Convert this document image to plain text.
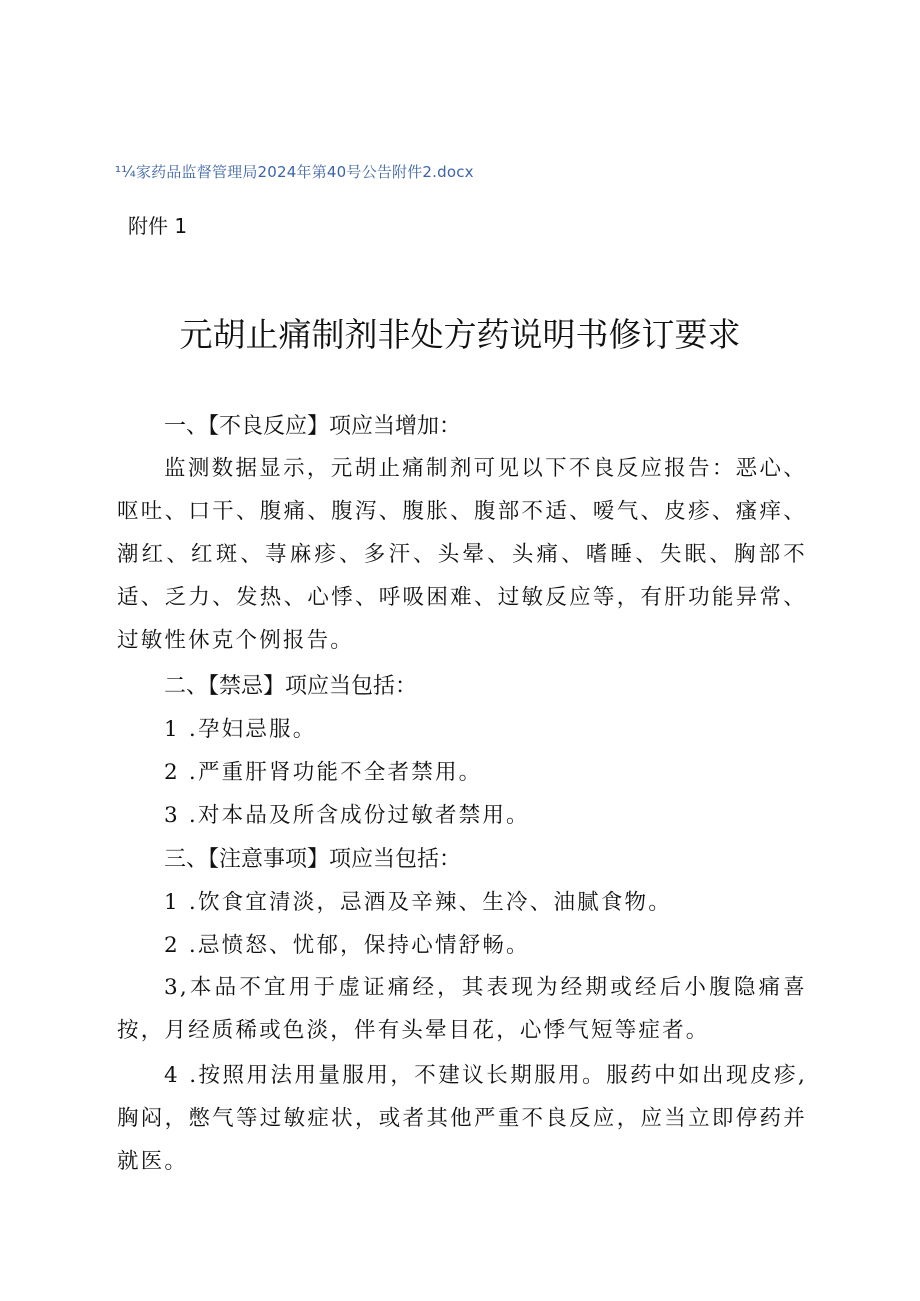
¹¼家药品监督管理局2024年第40号公告附件2.docx
附件 1
元胡止痛制剂非处方药说明书修订要求
一、【不良反应】项应当增加：
监测数据显示，元胡止痛制剂可见以下不良反应报告：恶心、呕吐、口干、腹痛、腹泻、腹胀、腹部不适、嗳气、皮疹、瘙痒、潮红、红斑、荨麻疹、多汗、头晕、头痛、嗜睡、失眠、胸部不适、乏力、发热、心悸、呼吸困难、过敏反应等，有肝功能异常、过敏性休克个例报告。
二、【禁忌】项应当包括：
1 .孕妇忌服。
2 .严重肝肾功能不全者禁用。
3 .对本品及所含成份过敏者禁用。
三、【注意事项】项应当包括：
1 .饮食宜清淡，忌酒及辛辣、生冷、油腻食物。
2 .忌愤怒、忧郁，保持心情舒畅。
3,本品不宜用于虚证痛经，其表现为经期或经后小腹隐痛喜按，月经质稀或色淡，伴有头晕目花，心悸气短等症者。
4 .按照用法用量服用，不建议长期服用。服药中如出现皮疹,胸闷，憋气等过敏症状，或者其他严重不良反应，应当立即停药并就医。
